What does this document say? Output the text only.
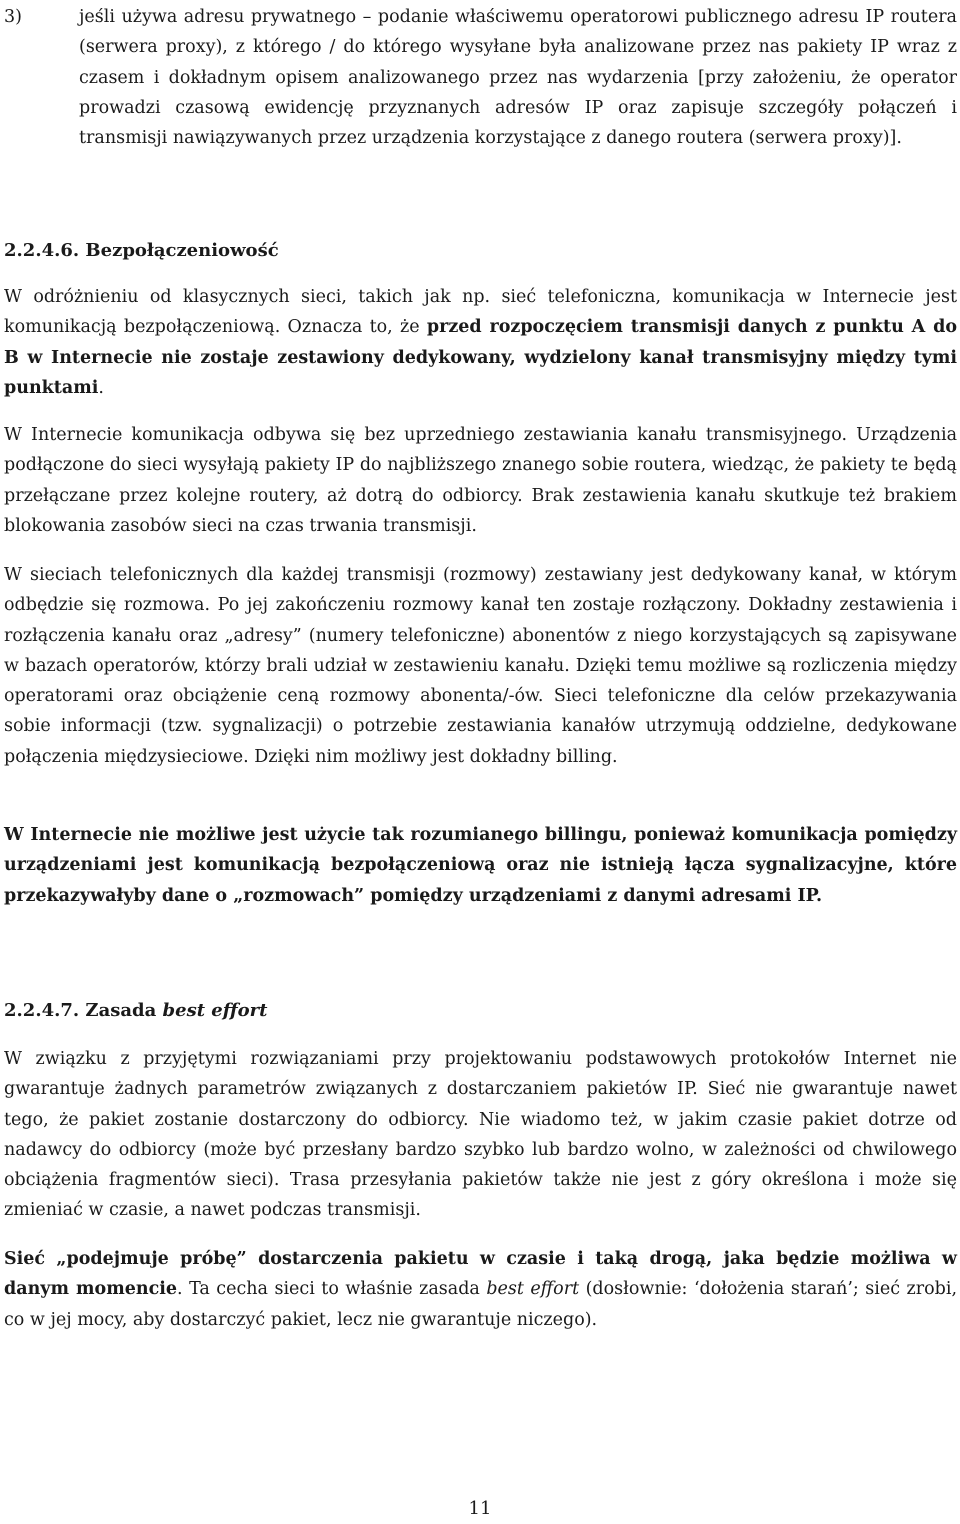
3)	jeśli używa adresu prywatnego – podanie właściwemu operatorowi publicznego adresu IP routera (serwera proxy), z którego / do którego wysyłane była analizowane przez nas pakiety IP wraz z czasem i dokładnym opisem analizowanego przez nas wydarzenia [przy założeniu, że operator prowadzi czasową ewidencję przyznanych adresów IP oraz zapisuje szczegóły połączeń i transmisji nawiązywanych przez urządzenia korzystające z danego routera (serwera proxy)].

2.2.4.6. Bezpołączeniowość

W odróżnieniu od klasycznych sieci, takich jak np. sieć telefoniczna, komunikacja w Internecie jest komunikacją bezpołączeniową. Oznacza to, że przed rozpoczęciem transmisji danych z punktu A do B w Internecie nie zostaje zestawiony dedykowany, wydzielony kanał transmisyjny między tymi punktami.

W Internecie komunikacja odbywa się bez uprzedniego zestawiania kanału transmisyjnego. Urządzenia podłączone do sieci wysyłają pakiety IP do najbliższego znanego sobie routera, wiedząc, że pakiety te będą przełączane przez kolejne routery, aż dotrą do odbiorcy. Brak zestawienia kanału skutkuje też brakiem blokowania zasobów sieci na czas trwania transmisji.

W sieciach telefonicznych dla każdej transmisji (rozmowy) zestawiany jest dedykowany kanał, w którym odbędzie się rozmowa. Po jej zakończeniu rozmowy kanał ten zostaje rozłączony. Dokładny zestawienia i rozłączenia kanału oraz „adresy” (numery telefoniczne) abonentów z niego korzystających są zapisywane w bazach operatorów, którzy brali udział w zestawieniu kanału. Dzięki temu możliwe są rozliczenia między operatorami oraz obciążenie ceną rozmowy abonenta/-ów. Sieci telefoniczne dla celów przekazywania sobie informacji (tzw. sygnalizacji) o potrzebie zestawiania kanałów utrzymują oddzielne, dedykowane połączenia międzysieciowe. Dzięki nim możliwy jest dokładny billing.

W Internecie nie możliwe jest użycie tak rozumianego billingu, ponieważ komunikacja pomiędzy urządzeniami jest komunikacją bezpołączeniową oraz nie istnieją łącza sygnalizacyjne, które przekazywałyby dane o „rozmowach” pomiędzy urządzeniami z danymi adresami IP.

2.2.4.7. Zasada best effort

W związku z przyjętymi rozwiązaniami przy projektowaniu podstawowych protokołów Internet nie gwarantuje żadnych parametrów związanych z dostarczaniem pakietów IP. Sieć nie gwarantuje nawet tego, że pakiet zostanie dostarczony do odbiorcy. Nie wiadomo też, w jakim czasie pakiet dotrze od nadawcy do odbiorcy (może być przesłany bardzo szybko lub bardzo wolno, w zależności od chwilowego obciążenia fragmentów sieci). Trasa przesyłania pakietów także nie jest z góry określona i może się zmieniać w czasie, a nawet podczas transmisji.

Sieć „podejmuje próbę” dostarczenia pakietu w czasie i taką drogą, jaka będzie możliwa w danym momencie. Ta cecha sieci to właśnie zasada best effort (dosłownie: ‘dołożenia starań’; sieć zrobi, co w jej mocy, aby dostarczyć pakiet, lecz nie gwarantuje niczego).

11
